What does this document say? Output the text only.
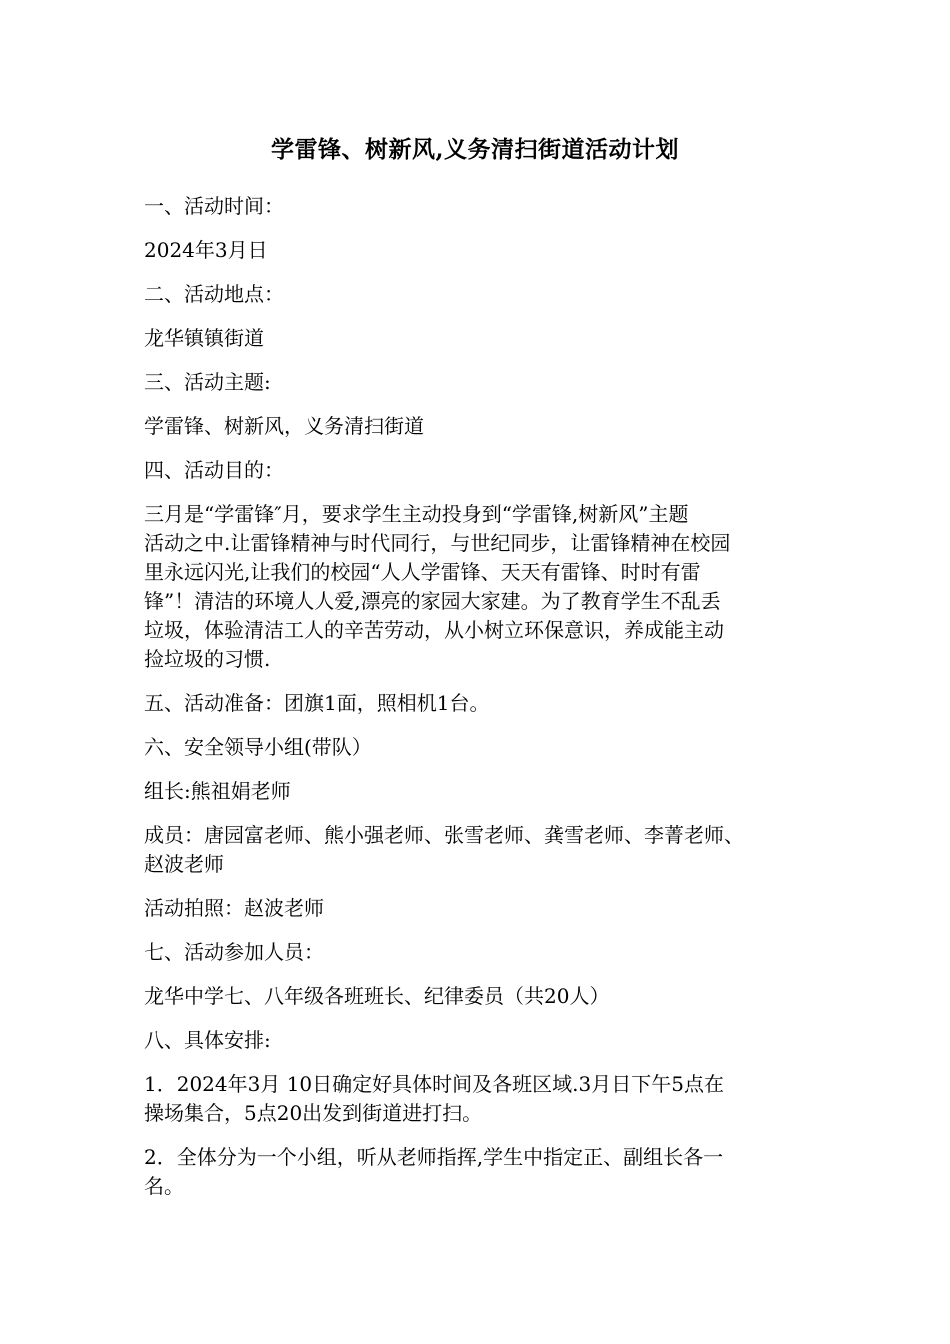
学雷锋、树新风,义务清扫街道活动计划

一、活动时间：

2024年3月日

二、活动地点：

龙华镇镇街道

三、活动主题:

学雷锋、树新风，义务清扫街道

四、活动目的：

三月是“学雷锋″月，要求学生主动投身到“学雷锋,树新风”主题
活动之中.让雷锋精神与时代同行，与世纪同步，让雷锋精神在校园
里永远闪光,让我们的校园“人人学雷锋、天天有雷锋、时时有雷
锋”！清洁的环境人人爱,漂亮的家园大家建。为了教育学生不乱丢
垃圾，体验清洁工人的辛苦劳动，从小树立环保意识，养成能主动
捡垃圾的习惯.

五、活动准备：团旗1面，照相机1台。

六、安全领导小组(带队）

组长:熊祖娟老师

成员：唐园富老师、熊小强老师、张雪老师、龚雪老师、李菁老师、
赵波老师

活动拍照：赵波老师

七、活动参加人员：

龙华中学七、八年级各班班长、纪律委员（共20人）

八、具体安排:

1．2024年3月 10日确定好具体时间及各班区域.3月日下午5点在
操场集合，5点20出发到街道进打扫。

2．全体分为一个小组，听从老师指挥,学生中指定正、副组长各一
名。
